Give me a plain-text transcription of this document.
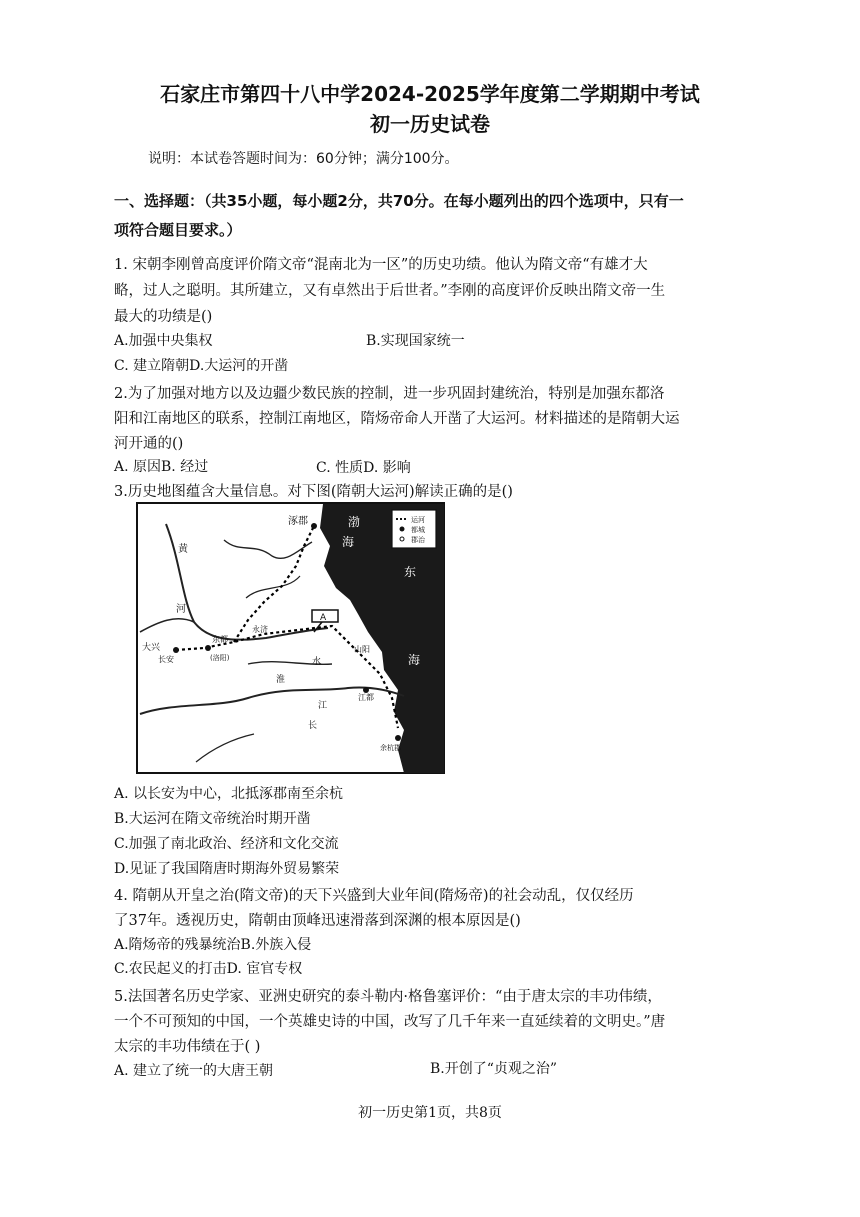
石家庄市第四十八中学2024-2025学年度第二学期期中考试
初一历史试卷
说明：本试卷答题时间为：60分钟；满分100分。
一、选择题：（共35小题，每小题2分，共70分。在每小题列出的四个选项中，只有一
项符合题目要求。）
1. 宋朝李刚曾高度评价隋文帝“混南北为一区”的历史功绩。他认为隋文帝“有雄才大
略，过人之聪明。其所建立，又有卓然出于后世者。”李刚的高度评价反映出隋文帝一生
最大的功绩是()
A.加强中央集权	B.实现国家统一
C. 建立隋朝D.大运河的开凿
2.为了加强对地方以及边疆少数民族的控制，进一步巩固封建统治，特别是加强东都洛
阳和江南地区的联系，控制江南地区，隋炀帝命人开凿了大运河。材料描述的是隋朝大运
河开通的()
A. 原因B. 经过	C. 性质D. 影响
3.历史地图蕴含大量信息。对下图(隋朝大运河)解读正确的是()
运河
都城
郡治
涿郡	渤
海
东
海
黄
河
大兴
长安
东都
(洛阳)
永济
A
山阳
江都
余杭郡
淮
江
长
水
A. 以长安为中心，北抵涿郡南至余杭
B.大运河在隋文帝统治时期开凿
C.加强了南北政治、经济和文化交流
D.见证了我国隋唐时期海外贸易繁荣
4. 隋朝从开皇之治(隋文帝)的天下兴盛到大业年间(隋炀帝)的社会动乱，仅仅经历
了37年。透视历史，隋朝由顶峰迅速滑落到深渊的根本原因是()
A.隋炀帝的残暴统治B.外族入侵
C.农民起义的打击D. 宦官专权
5.法国著名历史学家、亚洲史研究的泰斗勒内·格鲁塞评价：“由于唐太宗的丰功伟绩，
一个不可预知的中国，一个英雄史诗的中国，改写了几千年来一直延续着的文明史。”唐
太宗的丰功伟绩在于( )
A. 建立了统一的大唐王朝	B.开创了“贞观之治”
初一历史第1页，共8页
